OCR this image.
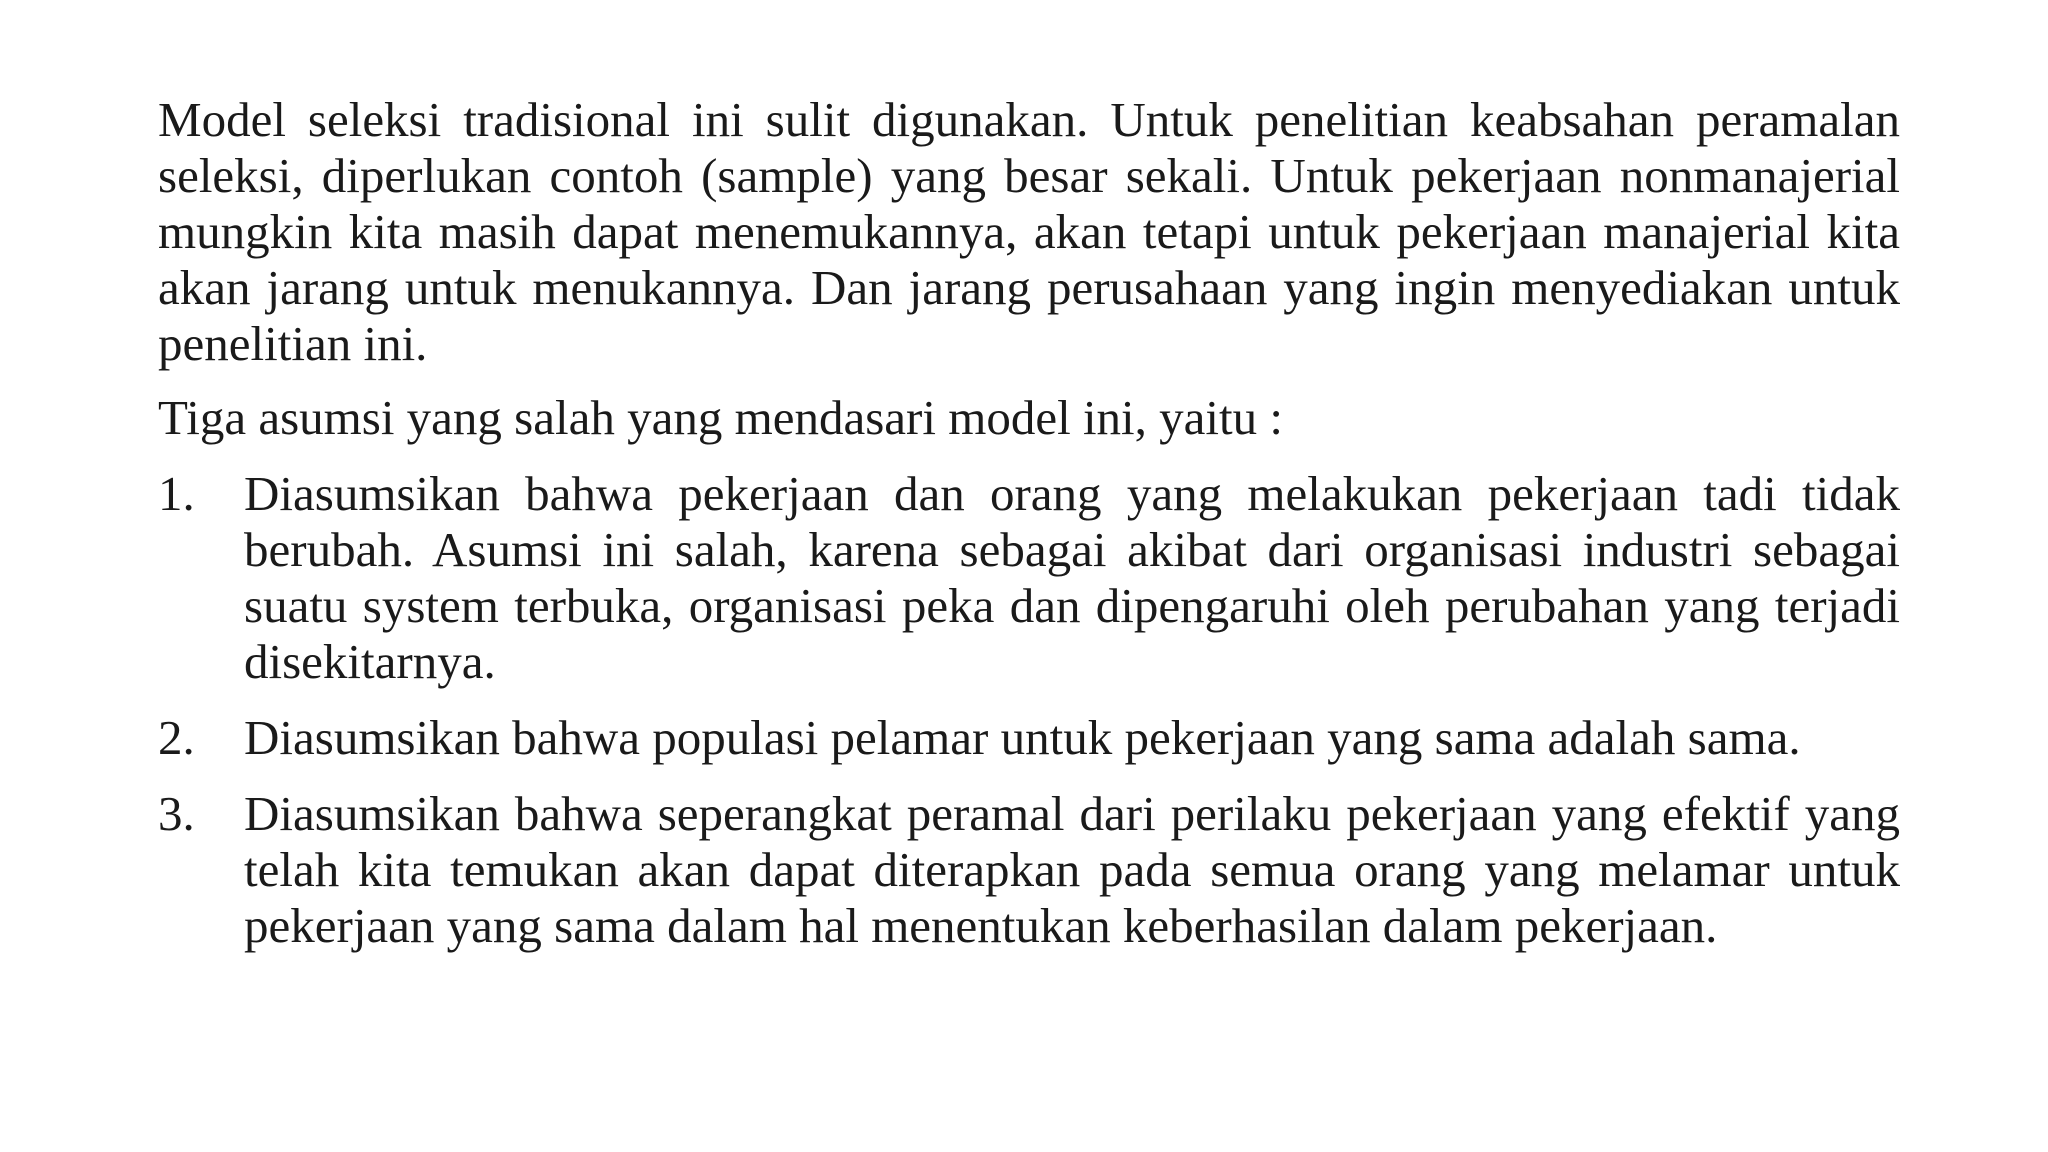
Model seleksi tradisional ini sulit digunakan. Untuk penelitian keabsahan peramalan seleksi, diperlukan contoh (sample) yang besar sekali. Untuk pekerjaan nonmanajerial mungkin kita masih dapat menemukannya, akan tetapi untuk pekerjaan manajerial kita akan jarang untuk menukannya. Dan jarang perusahaan yang ingin menyediakan untuk penelitian ini.

Tiga asumsi yang salah yang mendasari model ini, yaitu :

1.	Diasumsikan bahwa pekerjaan dan orang yang melakukan pekerjaan tadi tidak berubah. Asumsi ini salah, karena sebagai akibat dari organisasi industri sebagai suatu system terbuka, organisasi peka dan dipengaruhi oleh perubahan yang terjadi disekitarnya.
2.	Diasumsikan bahwa populasi pelamar untuk pekerjaan yang sama adalah sama.
3.	Diasumsikan bahwa seperangkat peramal dari perilaku pekerjaan yang efektif yang telah kita temukan akan dapat diterapkan pada semua orang yang melamar untuk pekerjaan yang sama dalam hal menentukan keberhasilan dalam pekerjaan.
